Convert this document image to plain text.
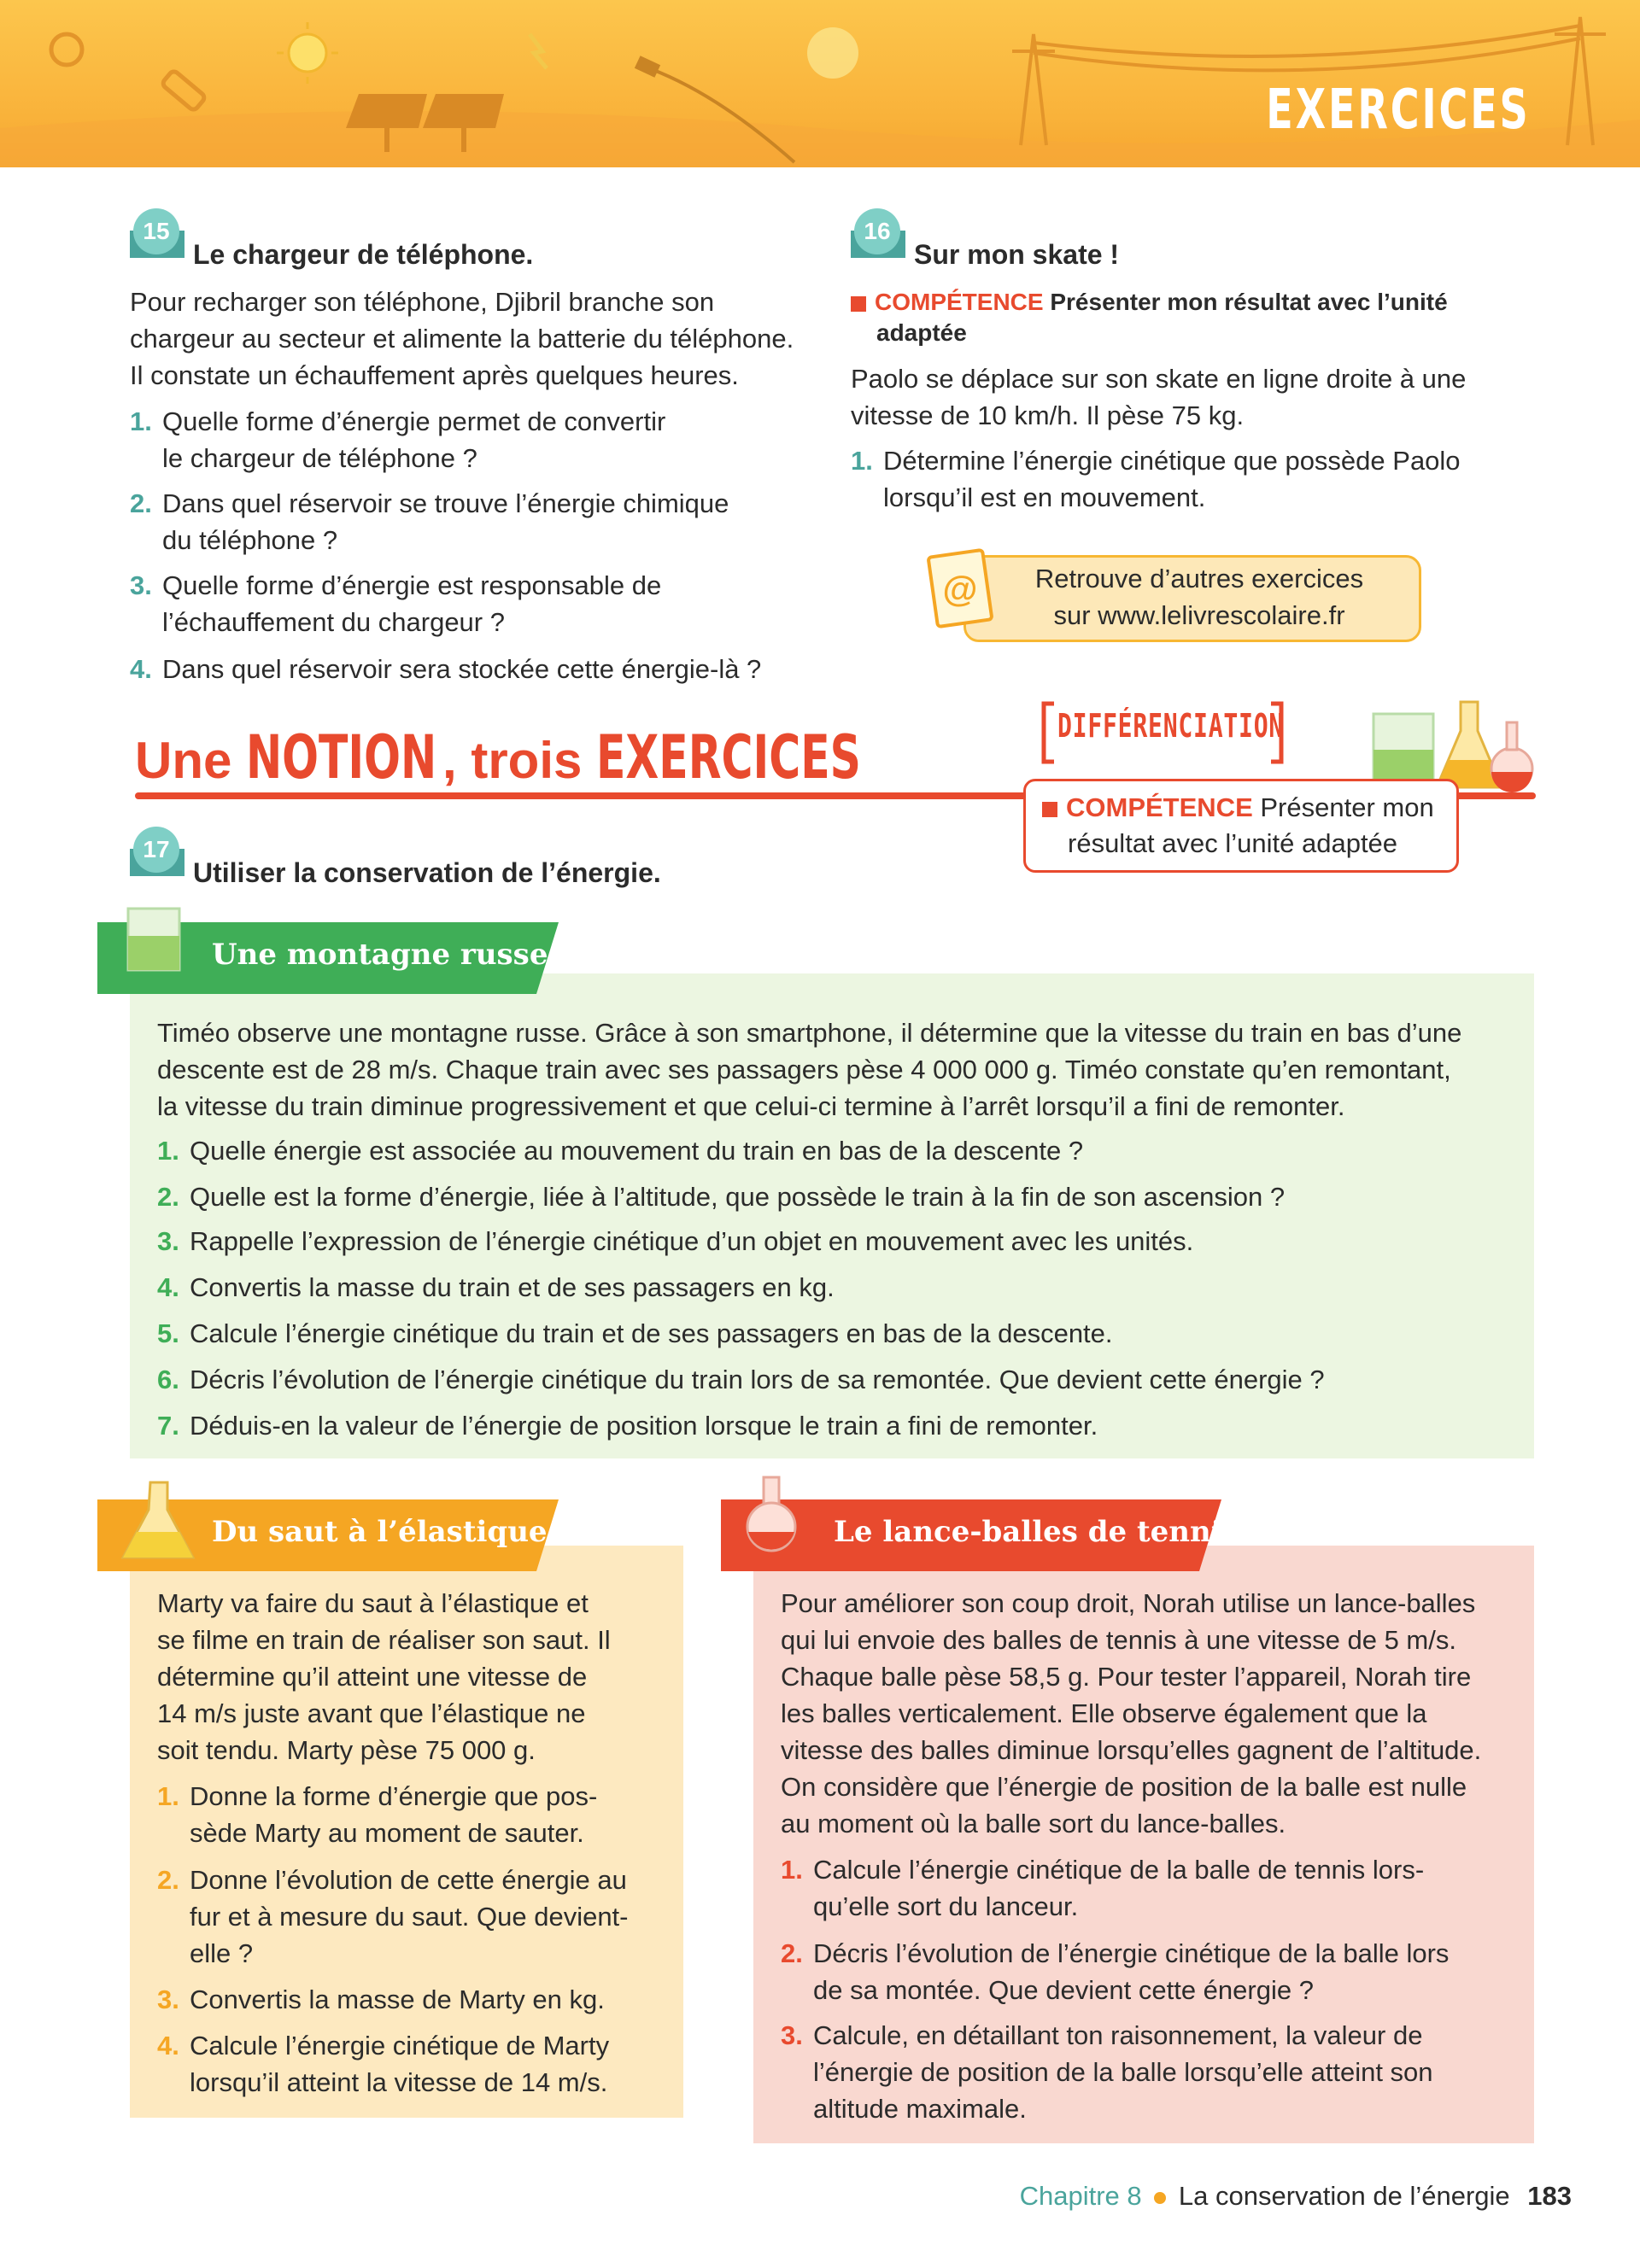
EXERCICES
15
Le chargeur de téléphone.
Pour recharger son téléphone, Djibril branche son
chargeur au secteur et alimente la batterie du téléphone.
Il constate un échauffement après quelques heures.
1. Quelle forme d’énergie permet de convertir
le chargeur de téléphone ?
2. Dans quel réservoir se trouve l’énergie chimique
du téléphone ?
3. Quelle forme d’énergie est responsable de
l’échauffement du chargeur ?
4. Dans quel réservoir sera stockée cette énergie-là ?
16
Sur mon skate !
COMPÉTENCE Présenter mon résultat avec l’unité
adaptée
Paolo se déplace sur son skate en ligne droite à une
vitesse de 10 km/h. Il pèse 75 kg.
1. Détermine l’énergie cinétique que possède Paolo
lorsqu’il est en mouvement.
@	Retrouve d’autres exercices
sur www.lelivrescolaire.fr
Une NOTION , trois EXERCICES	DIFFÉRENCIATION
COMPÉTENCE Présenter mon
résultat avec l’unité adaptée
17
Utiliser la conservation de l’énergie.
Une montagne russe
Timéo observe une montagne russe. Grâce à son smartphone, il détermine que la vitesse du train en bas d’une
descente est de 28 m/s. Chaque train avec ses passagers pèse 4 000 000 g. Timéo constate qu’en remontant,
la vitesse du train diminue progressivement et que celui-ci termine à l’arrêt lorsqu’il a fini de remonter.
1. Quelle énergie est associée au mouvement du train en bas de la descente ?
2. Quelle est la forme d’énergie, liée à l’altitude, que possède le train à la fin de son ascension ?
3. Rappelle l’expression de l’énergie cinétique d’un objet en mouvement avec les unités.
4. Convertis la masse du train et de ses passagers en kg.
5. Calcule l’énergie cinétique du train et de ses passagers en bas de la descente.
6. Décris l’évolution de l’énergie cinétique du train lors de sa remontée. Que devient cette énergie ?
7. Déduis-en la valeur de l’énergie de position lorsque le train a fini de remonter.
Du saut à l’élastique
Marty va faire du saut à l’élastique et
se filme en train de réaliser son saut. Il
détermine qu’il atteint une vitesse de
14 m/s juste avant que l’élastique ne
soit tendu. Marty pèse 75 000 g.
1. Donne la forme d’énergie que pos-
sède Marty au moment de sauter.
2. Donne l’évolution de cette énergie au
fur et à mesure du saut. Que devient-
elle ?
3. Convertis la masse de Marty en kg.
4. Calcule l’énergie cinétique de Marty
lorsqu’il atteint la vitesse de 14 m/s.
Le lance-balles de tennis
Pour améliorer son coup droit, Norah utilise un lance-balles
qui lui envoie des balles de tennis à une vitesse de 5 m/s.
Chaque balle pèse 58,5 g. Pour tester l’appareil, Norah tire
les balles verticalement. Elle observe également que la
vitesse des balles diminue lorsqu’elles gagnent de l’altitude.
On considère que l’énergie de position de la balle est nulle
au moment où la balle sort du lance-balles.
1. Calcule l’énergie cinétique de la balle de tennis lors-
qu’elle sort du lanceur.
2. Décris l’évolution de l’énergie cinétique de la balle lors
de sa montée. Que devient cette énergie ?
3. Calcule, en détaillant ton raisonnement, la valeur de
l’énergie de position de la balle lorsqu’elle atteint son
altitude maximale.
Chapitre 8 La conservation de l’énergie 183
